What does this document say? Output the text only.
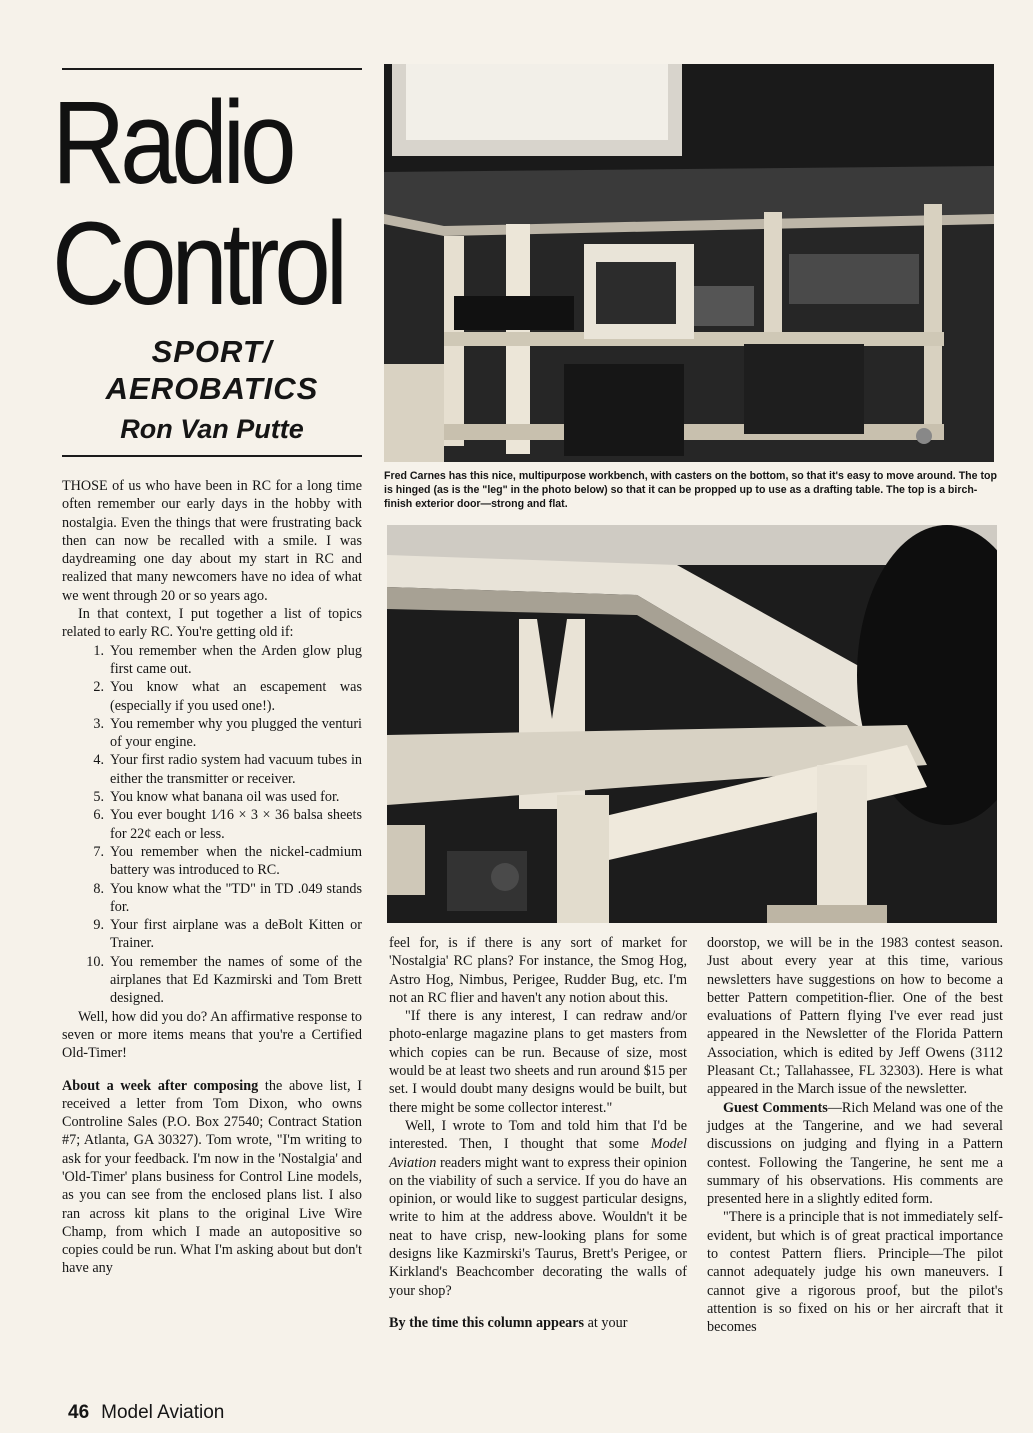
Radio
Control
SPORT/
AEROBATICS
Ron Van Putte
Fred Carnes has this nice, multipurpose workbench, with casters on the bottom, so that it's easy to move around. The top is hinged (as is the "leg" in the photo below) so that it can be propped up to use as a drafting table. The top is a birch-finish exterior door—strong and flat.

THOSE of us who have been in RC for a long time often remember our early days in the hobby with nostalgia. Even the things that were frustrating back then can now be recalled with a smile. I was daydreaming one day about my start in RC and realized that many newcomers have no idea of what we went through 20 or so years ago.

In that context, I put together a list of topics related to early RC. You're getting old if:

1. You remember when the Arden glow plug first came out.
2. You know what an escapement was (especially if you used one!).
3. You remember why you plugged the venturi of your engine.
4. Your first radio system had vacuum tubes in either the transmitter or receiver.
5. You know what banana oil was used for.
6. You ever bought 1⁄16 × 3 × 36 balsa sheets for 22¢ each or less.
7. You remember when the nickel-cadmium battery was introduced to RC.
8. You know what the "TD" in TD .049 stands for.
9. Your first airplane was a deBolt Kitten or Trainer.
10. You remember the names of some of the airplanes that Ed Kazmirski and Tom Brett designed.

Well, how did you do? An affirmative response to seven or more items means that you're a Certified Old-Timer!

About a week after composing the above list, I received a letter from Tom Dixon, who owns Controline Sales (P.O. Box 27540; Contract Station #7; Atlanta, GA 30327). Tom wrote, "I'm writing to ask for your feedback. I'm now in the 'Nostalgia' and 'Old-Timer' plans business for Control Line models, as you can see from the enclosed plans list. I also ran across kit plans to the original Live Wire Champ, from which I made an autopositive so copies could be run. What I'm asking about but don't have any

feel for, is if there is any sort of market for 'Nostalgia' RC plans? For instance, the Smog Hog, Astro Hog, Nimbus, Perigee, Rudder Bug, etc. I'm not an RC flier and haven't any notion about this.

"If there is any interest, I can redraw and/or photo-enlarge magazine plans to get masters from which copies can be run. Because of size, most would be at least two sheets and run around $15 per set. I would doubt many designs would be built, but there might be some collector interest."

Well, I wrote to Tom and told him that I'd be interested. Then, I thought that some Model Aviation readers might want to express their opinion on the viability of such a service. If you do have an opinion, or would like to suggest particular designs, write to him at the address above. Wouldn't it be neat to have crisp, new-looking plans for some designs like Kazmirski's Taurus, Brett's Perigee, or Kirkland's Beachcomber decorating the walls of your shop?

By the time this column appears at your

doorstop, we will be in the 1983 contest season. Just about every year at this time, various newsletters have suggestions on how to become a better Pattern competition-flier. One of the best evaluations of Pattern flying I've ever read just appeared in the Newsletter of the Florida Pattern Association, which is edited by Jeff Owens (3112 Pleasant Ct.; Tallahassee, FL 32303). Here is what appeared in the March issue of the newsletter.

Guest Comments—Rich Meland was one of the judges at the Tangerine, and we had several discussions on judging and flying in a Pattern contest. Following the Tangerine, he sent me a summary of his observations. His comments are presented here in a slightly edited form.

"There is a principle that is not immediately self-evident, but which is of great practical importance to contest Pattern fliers. Principle—The pilot cannot adequately judge his own maneuvers. I cannot give a rigorous proof, but the pilot's attention is so fixed on his or her aircraft that it becomes

46 Model Aviation
